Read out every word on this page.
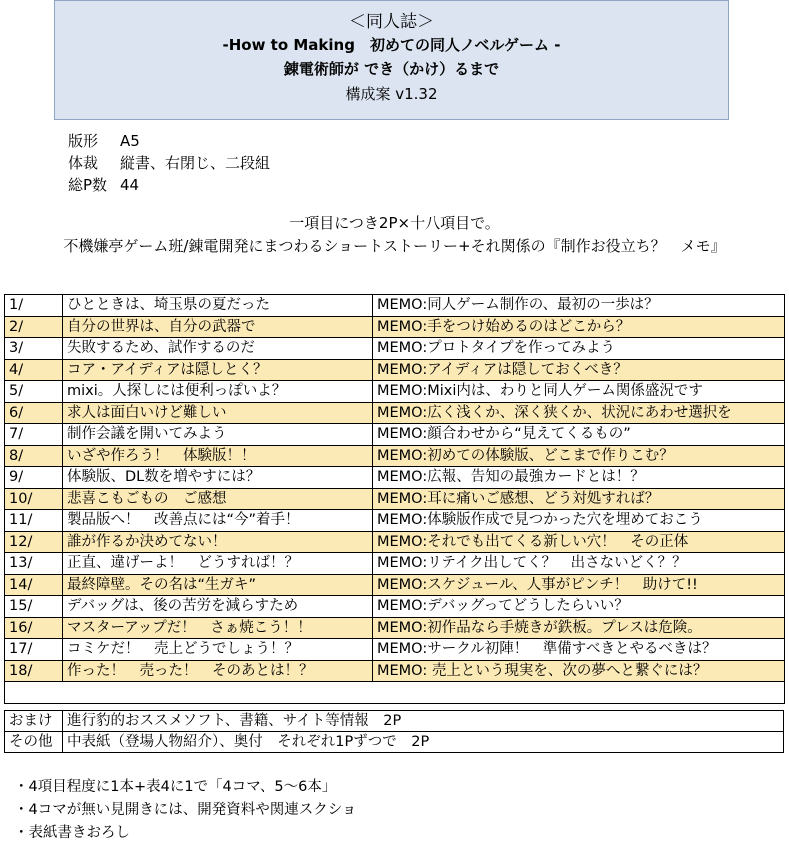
＜同人誌＞
-How to Making　初めての同人ノベルゲーム -
錬電術師が でき（かけ）るまで
構成案 v1.32
版形 A5
体裁 縦書、右閉じ、二段組
総P数 44
一項目につき2P×十八項目で。
不機嫌亭ゲーム班/錬電開発にまつわるショートストーリー+それ関係の『制作お役立ち？　メモ』
1/	ひとときは、埼玉県の夏だった	MEMO:同人ゲーム制作の、最初の一歩は？
2/	自分の世界は、自分の武器で	MEMO:手をつけ始めるのはどこから？
3/	失敗するため、試作するのだ	MEMO:プロトタイプを作ってみよう
4/	コア・アイディアは隠しとく？	MEMO:アイディアは隠しておくべき？
5/	mixi。人探しには便利っぽいよ？	MEMO:Mixi内は、わりと同人ゲーム関係盛況です
6/	求人は面白いけど難しい	MEMO:広く浅くか、深く狭くか、状況にあわせ選択を
7/	制作会議を開いてみよう	MEMO:顔合わせから“見えてくるもの”
8/	いざや作ろう！　体験版！！	MEMO:初めての体験版、どこまで作りこむ？
9/	体験版、DL数を増やすには？	MEMO:広報、告知の最強カードとは！？
10/	悲喜こもごもの　ご感想	MEMO:耳に痛いご感想、どう対処すれば？
11/	製品版へ！　改善点には“今”着手！	MEMO:体験版作成で見つかった穴を埋めておこう
12/	誰が作るか決めてない！	MEMO:それでも出てくる新しい穴！　その正体
13/	正直、違げーよ！　どうすれば！？	MEMO:リテイク出してく？　出さないどく？？
14/	最終障壁。その名は“生ガキ”	MEMO:スケジュール、人事がピンチ！　助けて!!
15/	デバッグは、後の苦労を減らすため	MEMO:デバッグってどうしたらいい？
16/	マスターアップだ！　さぁ焼こう！！	MEMO:初作品なら手焼きが鉄板。プレスは危険。
17/	コミケだ！　売上どうでしょう！？	MEMO:サークル初陣！　準備すべきとやるべきは？
18/	作った！　売った！　そのあとは！？	MEMO: 売上という現実を、次の夢へと繋ぐには？

おまけ	進行豹的おススメソフト、書籍、サイト等情報　2P
その他	中表紙（登場人物紹介）、奥付　それぞれ1Pずつで　2P
・4項目程度に1本+表4に1で「4コマ、5～6本」
・4コマが無い見開きには、開発資料や関連スクショ
・表紙書きおろし
